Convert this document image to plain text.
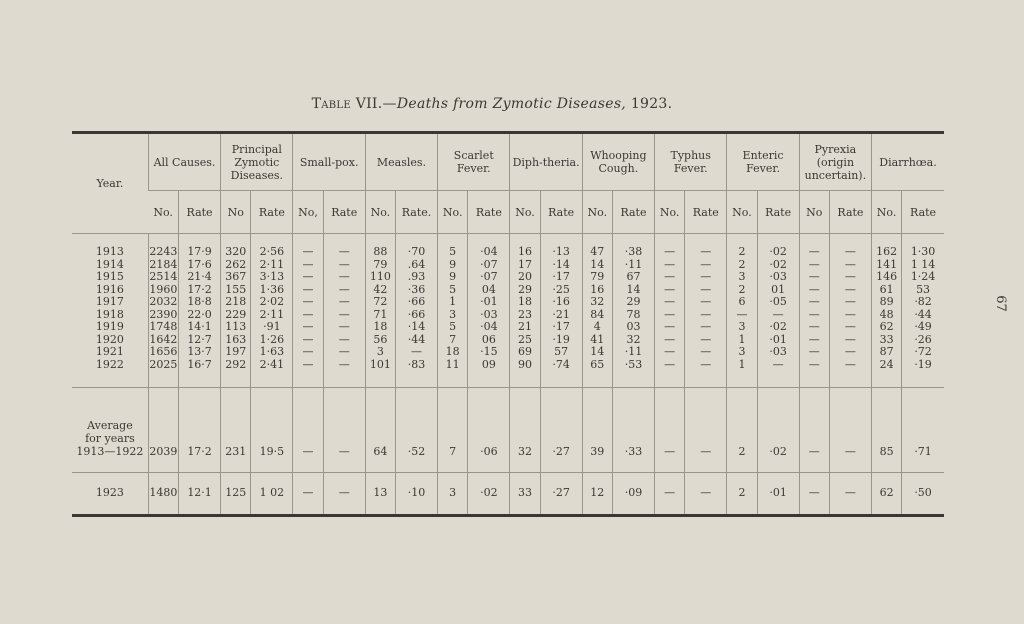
Table VII.—Deaths from Zymotic Diseases, 1923.
67
Year.	All Causes.		Principal Zymotic Diseases.		Small-pox.		Measles.		Scarlet Fever.		Diph-theria.		Whooping Cough.		Typhus Fever.		Enteric Fever.		Pyrexia (origin uncertain).		Diarrhœa.	
	No.	Rate	No	Rate	No,	Rate	No.	Rate.	No.	Rate	No.	Rate	No.	Rate	No.	Rate	No.	Rate	No	Rate	No.	Rate
1913	2243	17·9	320	2·56	—	—	88	·70	5	·04	16	·13	47	·38	—	—	2	·02	—	—	162	1·30
1914	2184	17·6	262	2·11	—	—	79	.64	9	·07	17	·14	14	·11	—	—	2	·02	—	—	141	1 14
1915	2514	21·4	367	3·13	—	—	110	.93	9	·07	20	·17	79	67	—	—	3	·03	—	—	146	1·24
1916	1960	17·2	155	1·36	—	—	42	·36	5	04	29	·25	16	14	—	—	2	01	—	—	61	53
1917	2032	18·8	218	2·02	—	—	72	·66	1	·01	18	·16	32	29	—	—	6	·05	—	—	89	·82
1918	2390	22·0	229	2·11	—	—	71	·66	3	·03	23	·21	84	78	—	—	—	—	—	—	48	·44
1919	1748	14·1	113	·91	—	—	18	·14	5	·04	21	·17	4	03	—	—	3	·02	—	—	62	·49
1920	1642	12·7	163	1·26	—	—	56	·44	7	06	25	·19	41	32	—	—	1	·01	—	—	33	·26
1921	1656	13·7	197	1·63	—	—	3	—	18	·15	69	57	14	·11	—	—	3	·03	—	—	87	·72
1922	2025	16·7	292	2·41	—	—	101	·83	11	09	90	·74	65	·53	—	—	1	—	—	—	24	·19

Average
for years
1913—1922	2039	17·2	231	19·5	—	—	64	·52	7	·06	32	·27	39	·33	—	—	2	·02	—	—	85	·71
1923	1480	12·1	125	1 02	—	—	13	·10	3	·02	33	·27	12	·09	—	—	2	·01	—	—	62	·50
